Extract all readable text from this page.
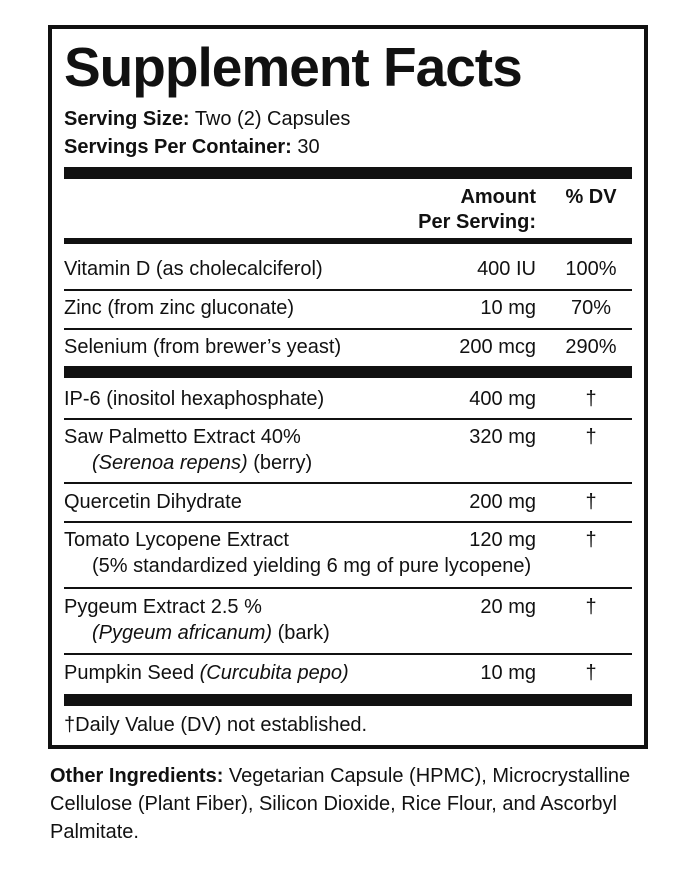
Supplement Facts
Serving Size: Two (2) Capsules
Servings Per Container: 30
Amount
Per Serving:
% DV
Vitamin D (as cholecalciferol)	400 IU	100%
Zinc (from zinc gluconate)	10 mg	70%
Selenium (from brewer’s yeast)	200 mcg	290%
IP-6 (inositol hexaphosphate)	400 mg	†
Saw Palmetto Extract 40%
(Serenoa repens) (berry)
320 mg	†
Quercetin Dihydrate	200 mg	†
Tomato Lycopene Extract
(5% standardized yielding 6 mg of pure lycopene)
120 mg	†
Pygeum Extract 2.5 %
(Pygeum africanum) (bark)
20 mg	†
Pumpkin Seed (Curcubita pepo)	10 mg	†
†Daily Value (DV) not established.
Other Ingredients: Vegetarian Capsule (HPMC), Microcrystalline Cellulose (Plant Fiber), Silicon Dioxide, Rice Flour, and Ascorbyl Palmitate.
